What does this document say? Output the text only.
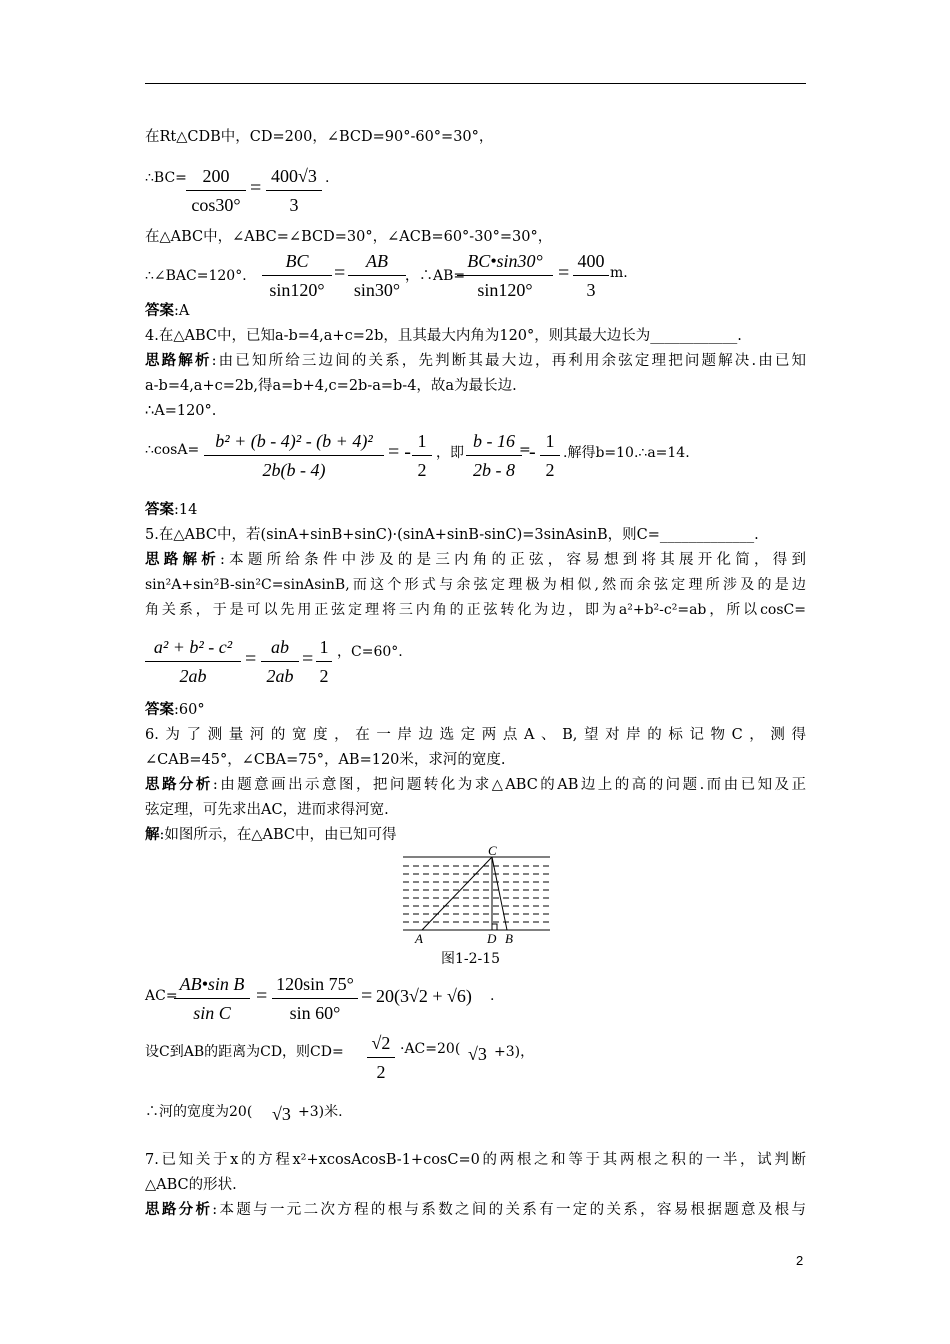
在Rt△CDB中，CD=200，∠BCD=90°-60°=30°，
∴BC= $\frac{200}{\cos 30^\circ} = \frac{400√3}{3}$ .
在△ABC中，∠ABC=∠BCD=30°，∠ACB=60°-30°=30°，
∴∠BAC=120°． $\frac{BC}{\sin 120^\circ} = \frac{AB}{\sin 30^\circ}$ ，∴AB=
$\frac{BC•\sin 30^\circ}{\sin 120^\circ} = \frac{400}{3} m$.
答案:A
4.在△ABC中，已知a-b=4,a+c=2b，且其最大内角为120°，则其最大边长为____________.
思路解析:由已知所给三边间的关系，先判断其最大边，再利用余弦定理把问题解决.由已知
a-b=4,a+c=2b,得a=b+4,c=2b-a=b-4，故a为最长边.
∴A=120°.
∴cosA= $\frac{\text{b² + (b - 4)² - (b + 4)²}}{2b(b - 4)}$ = - $\frac{1}{2}$ ，即 $\frac{b - 16}{2b - 8}$
=
- $\frac{1}{2}$ .解得b=10.∴a=14.
答案:14
5.在△ABC中，若(sinA+sinB+sinC)·(sinA+sinB-sinC)=3sinAsinB，则C=_____________.
思路解析:本题所给条件中涉及的是三内角的正弦，容易想到将其展开化简，得到
sin²A+sin²B-sin²C=sinAsinB,而这个形式与余弦定理极为相似,然而余弦定理所涉及的是边
角关系，于是可以先用正弦定理将三内角的正弦转化为边，即为a²+b²-c²=ab，所以cosC=
$\frac{\text{a² + b² - c²}}{2ab} = \frac{ab}{2ab} = \frac{1}{2}$ ，C=60°.
答案:60°
6.为了测量河的宽度，在一岸边选定两点A、B,望对岸的标记物C，测得
∠CAB=45°，∠CBA=75°，AB=120米，求河的宽度.
思路分析:由题意画出示意图，把问题转化为求△ABC的AB边上的高的问题.而由已知及正
弦定理，可先求出AC，进而求得河宽.
解:如图所示，在△ABC中，由已知可得
C
A	D B
图1-2-15
AC=
$\frac{\text{AB•sin B}}{\text{sin C}} = \frac{120\sin 75^\circ}{\sin 60^\circ} = 20(3√2 + √6)$ .
设C到AB的距离为CD，则$CD= \frac{√2}{2} \cdot AC=20$( √3 +3)，
∴河的宽度为20( √3 +3)米.
7.已知关于x的方程x²+xcosAcosB-1+cosC=0的两根之和等于其两根之积的一半，试判断
△ABC的形状.
思路分析:本题与一元二次方程的根与系数之间的关系有一定的关系，容易根据题意及根与
2
